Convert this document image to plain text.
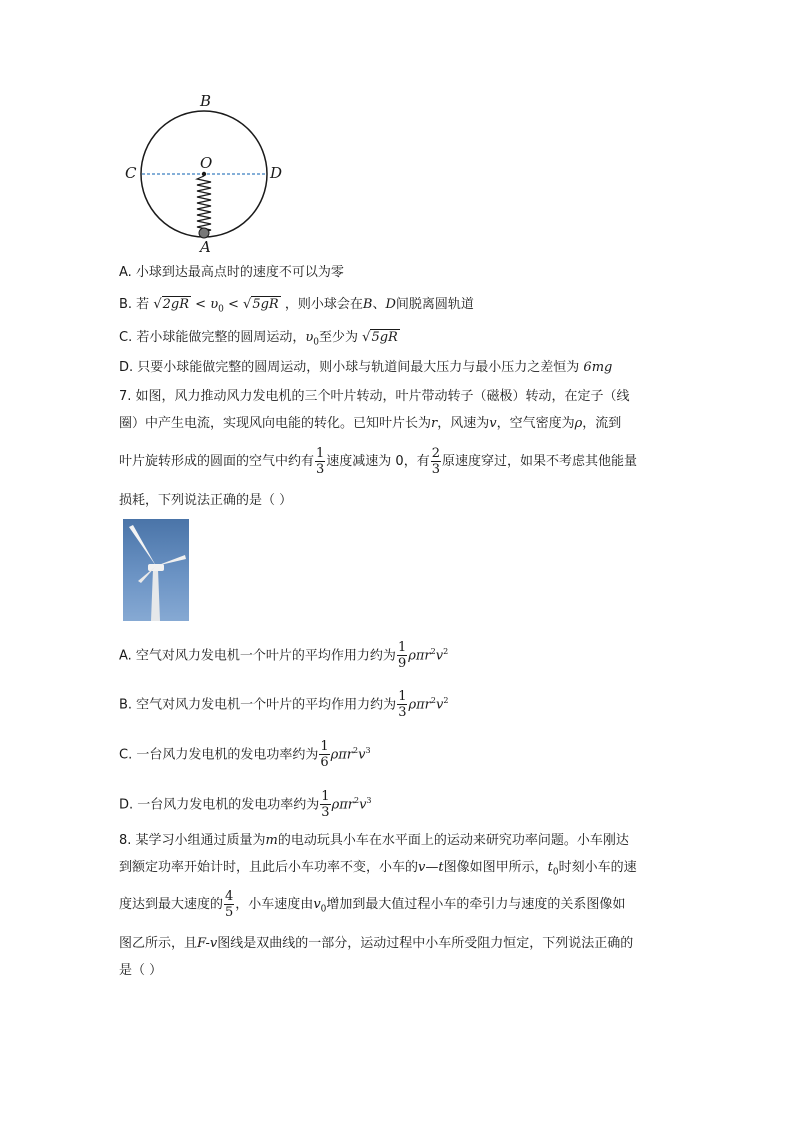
B
C	D
O
A
A. 小球到达最高点时的速度不可以为零
B. 若 $√2gR < \upsilon_0 < √5gR$ ，则小球会在B、D间脱离圆轨道
C. 若小球能做完整的圆周运动，$\upsilon_0$至少为 √5gR
D. 只要小球能做完整的圆周运动，则小球与轨道间最大压力与最小压力之差恒为 6mg
7. 如图，风力推动风力发电机的三个叶片转动，叶片带动转子（磁极）转动，在定子（线
圈）中产生电流，实现风向电能的转化。已知叶片长为r，风速为v，空气密度为ρ，流到
叶片旋转形成的圆面的空气中约有 $\frac{1}{3}$ 速度减速为 0，有 $\frac{2}{3}$ 原速度穿过，如果不考虑其他能量
损耗，下列说法正确的是（ ）
A. 空气对风力发电机一个叶片的平均作用力约为 $\frac{1}{9} \rho\pi r^2v^2$
B. 空气对风力发电机一个叶片的平均作用力约为 $\frac{1}{3} \rho\pi r^2v^2$
C. 一台风力发电机的发电功率约为 $\frac{1}{6} \rho\pi r^2v^3$
D. 一台风力发电机的发电功率约为 $\frac{1}{3} \rho\pi r^2v^3$
8. 某学习小组通过质量为m的电动玩具小车在水平面上的运动来研究功率问题。小车刚达
到额定功率开始计时，且此后小车功率不变，小车的v—t图像如图甲所示，$t_0$时刻小车的速
度达到最大速度的 $\frac{4}{5}$ ，小车速度由$v_0$增加到最大值过程小车的牵引力与速度的关系图像如
图乙所示，且F-v图线是双曲线的一部分，运动过程中小车所受阻力恒定，下列说法正确的
是（ ）
